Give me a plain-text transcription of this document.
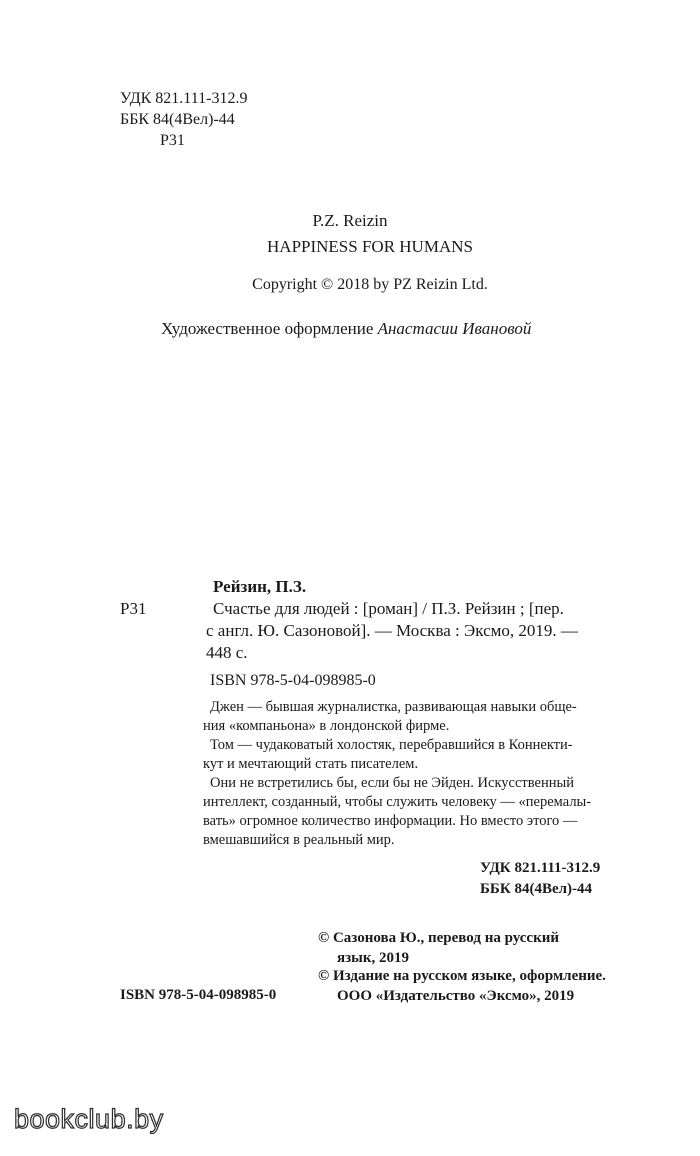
УДК 821.111-312.9
ББК 84(4Вел)-44
Р31
P.Z. Reizin
HAPPINESS FOR HUMANS
Copyright © 2018 by PZ Reizin Ltd.
Художественное оформление Анастасии Ивановой
Рейзин, П.З.
Р31	Счастье для людей : [роман] / П.З. Рейзин ; [пер.
с англ. Ю. Сазоновой]. — Москва : Эксмо, 2019. —
448 с.
ISBN 978-5-04-098985-0
Джен — бывшая журналистка, развивающая навыки обще-
ния «компаньона» в лондонской фирме.
Том — чудаковатый холостяк, перебравшийся в Коннекти-
кут и мечтающий стать писателем.
Они не встретились бы, если бы не Эйден. Искусственный
интеллект, созданный, чтобы служить человеку — «перемалы-
вать» огромное количество информации. Но вместо этого —
вмешавшийся в реальный мир.
УДК 821.111-312.9
ББК 84(4Вел)-44
© Сазонова Ю., перевод на русский
язык, 2019
© Издание на русском языке, оформление.
ООО «Издательство «Эксмо», 2019
ISBN 978-5-04-098985-0
bookclub.by
